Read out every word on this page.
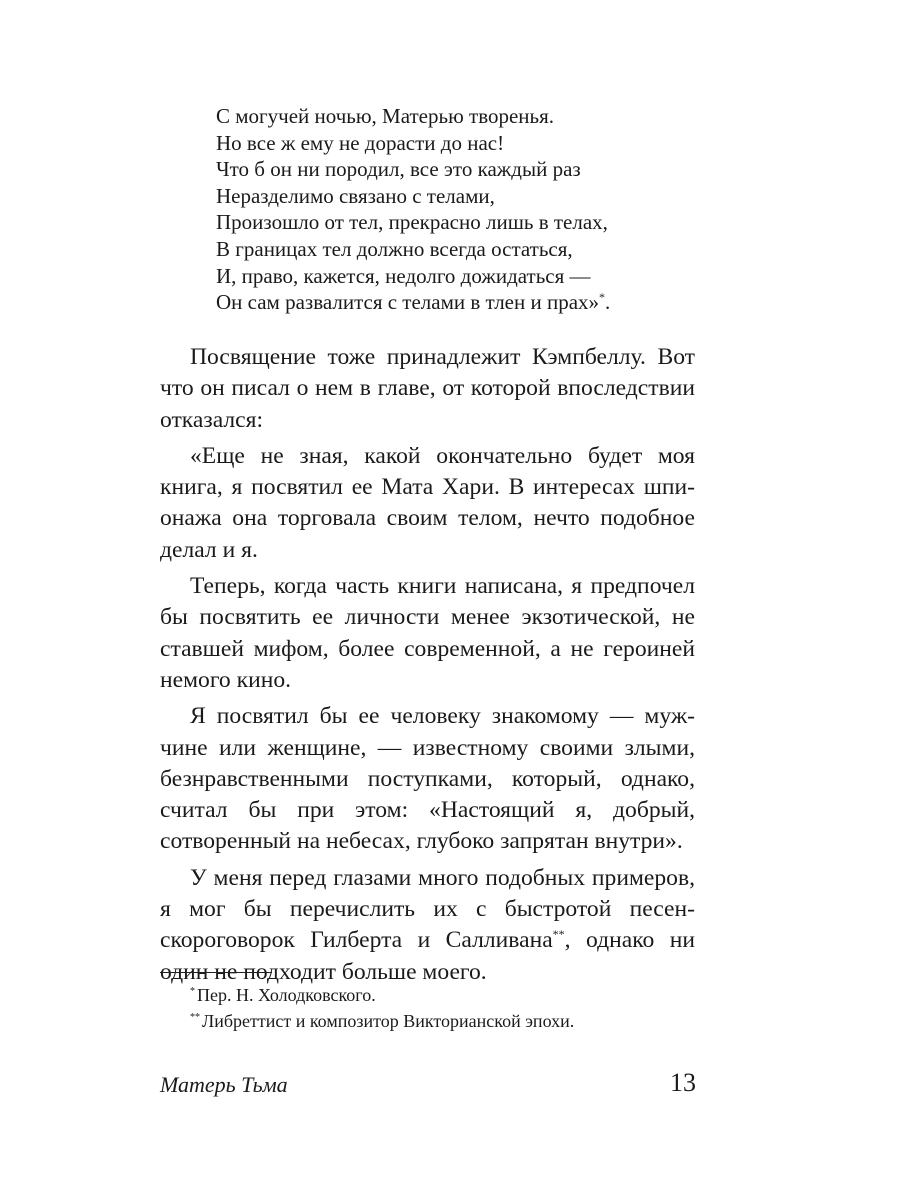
С могучей ночью, Матерью творенья.
Но все ж ему не дорасти до нас!
Что б он ни породил, все это каждый раз
Неразделимо связано с телами,
Произошло от тел, прекрасно лишь в телах,
В границах тел должно всегда остаться,
И, право, кажется, недолго дожидаться —
Он сам развалится с телами в тлен и прах»*.

Посвящение тоже принадлежит Кэмпбеллу. Вот что он писал о нем в главе, от которой впоследствии отказался:

«Еще не зная, какой окончательно будет моя книга, я посвятил ее Мата Хари. В интересах шпионажа она торговала своим телом, нечто подобное делал и я.

Теперь, когда часть книги написана, я предпочел бы посвятить ее личности менее экзотической, не ставшей мифом, более современной, а не героиней немого кино.

Я посвятил бы ее человеку знакомому — мужчине или женщине, — известному своими злыми, безнравственными поступками, который, однако, считал бы при этом: «Настоящий я, добрый, сотворенный на небесах, глубоко запрятан внутри».

У меня перед глазами много подобных примеров, я мог бы перечислить их с быстротой песенскороговорок Гилберта и Салливана**, однако ни один не подходит больше моего.

* Пер. Н. Холодковского.
** Либреттист и композитор Викторианской эпохи.
Матерь Тьма	13
